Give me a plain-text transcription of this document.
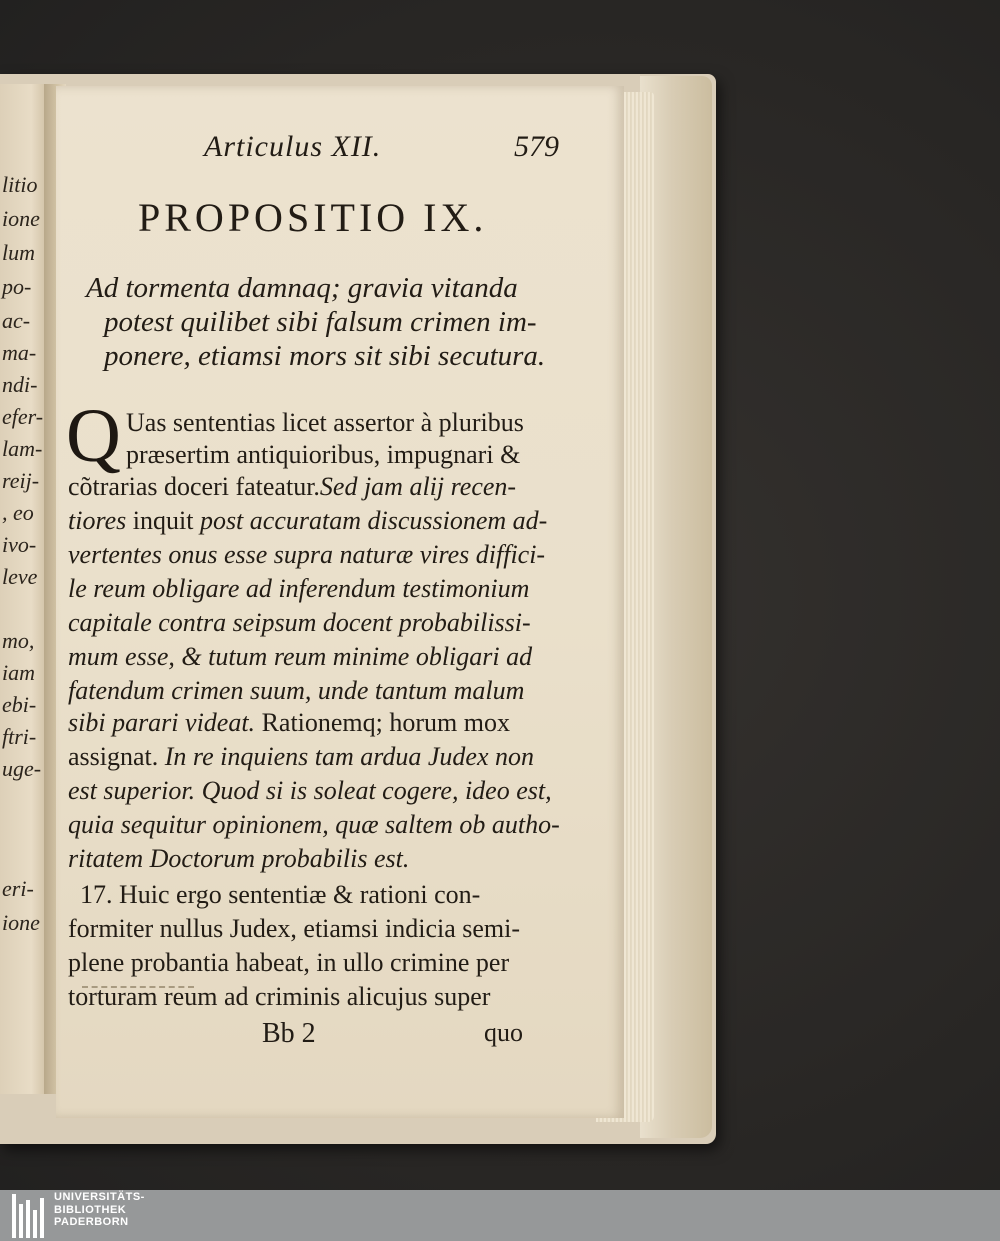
litio
ione
lum
po-
ac-
ma-
ndi-
efer-
lam-
reij-
, eo
ivo-
leve
mo,
iam
ebi-
ftri-
uge-
eri-
ione
Articulus XII.	579
PROPOSITIO IX.
Ad tormenta damnaq; gravia vitanda
potest quilibet sibi falsum crimen im-
ponere, etiamsi mors sit sibi secutura.
Q Uas sententias licet assertor à pluribus
præsertim antiquioribus, impugnari &
cõtrarias doceri fateatur.Sed jam alij recen-
tiores inquit post accuratam discussionem ad-
vertentes onus esse supra naturæ vires diffici-
le reum obligare ad inferendum testimonium
capitale contra seipsum docent probabilissi-
mum esse, & tutum reum minime obligari ad
fatendum crimen suum, unde tantum malum
sibi parari videat. Rationemq; horum mox
assignat. In re inquiens tam ardua Judex non
est superior. Quod si is soleat cogere, ideo est,
quia sequitur opinionem, quæ saltem ob autho-
ritatem Doctorum probabilis est.
17. Huic ergo sententiæ & rationi con-
formiter nullus Judex, etiamsi indicia semi-
plene probantia habeat, in ullo crimine per
torturam reum ad criminis alicujus super
Bb 2	quo
UNIVERSITÄTS-
BIBLIOTHEK
PADERBORN
